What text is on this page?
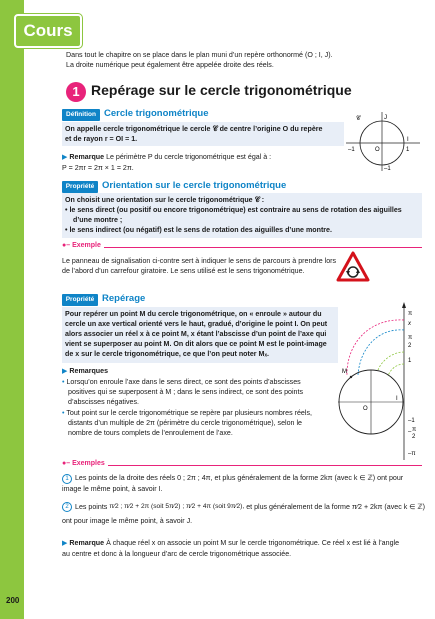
Cours
Dans tout le chapitre on se place dans le plan muni d’un repère orthonormé (O ; I, J).
La droite numérique peut également être appelée droite des réels.
1 Repérage sur le cercle trigonométrique
Définition Cercle trigonométrique
On appelle cercle trigonométrique le cercle 𝒞 de centre l’origine O du repère
et de rayon r = OI = 1.
▶ Remarque Le périmètre P du cercle trigonométrique est égal à :
P = 2πr = 2π × 1 = 2π.
𝒞
I
J
O
–1
–1
1
Propriété Orientation sur le cercle trigonométrique
On choisit une orientation sur le cercle trigonométrique 𝒞 :
• le sens direct (ou positif ou encore trigonométrique) est contraire au sens de rotation des aiguilles
d’une montre ;
• le sens indirect (ou négatif) est le sens de rotation des aiguilles d’une montre.
●– Exemple
Le panneau de signalisation ci-contre sert à indiquer le sens de parcours à prendre lors
de l’abord d’un carrefour giratoire. Le sens utilisé est le sens trigonométrique.
Propriété Repérage
Pour repérer un point M du cercle trigonométrique, on « enroule » autour du
cercle un axe vertical orienté vers le haut, gradué, d’origine le point I. On peut
alors associer un réel x à ce point M, x étant l’abscisse d’un point de l’axe qui
vient se superposer au point M. On dit alors que ce point M est le point-image
de x sur le cercle trigonométrique, ce que l’on peut noter Mₓ.
▶ Remarques
• Lorsqu’on enroule l’axe dans le sens direct, ce sont des points d’abscisses
positives qui se superposent à M ; dans le sens indirect, ce sont des points
d’abscisses négatives.
• Tout point sur le cercle trigonométrique se repère par plusieurs nombres réels,
distants d’un multiple de 2π (périmètre du cercle trigonométrique), selon le
nombre de tours complets de l’enroulement de l’axe.
π
x
π
2
1
M
O
I
–1
– π
2
–π
●– Exemples
1 Les points de la droite des réels 0 ; 2π ; 4π, et plus généralement de la forme 2kπ (avec k ∈ ℤ) ont pour
image le même point, à savoir I.
2 Les points π⁄2 ; π⁄2 + 2π (soit 5π⁄2) ; π⁄2 + 4π (soit 9π⁄2), et plus généralement de la forme π⁄2 + 2kπ (avec k ∈ ℤ)
ont pour image le même point, à savoir J.
▶ Remarque À chaque réel x on associe un point M sur le cercle trigonométrique. Ce réel x est lié à l’angle
au centre et donc à la longueur d’arc de cercle trigonométrique associée.
200
